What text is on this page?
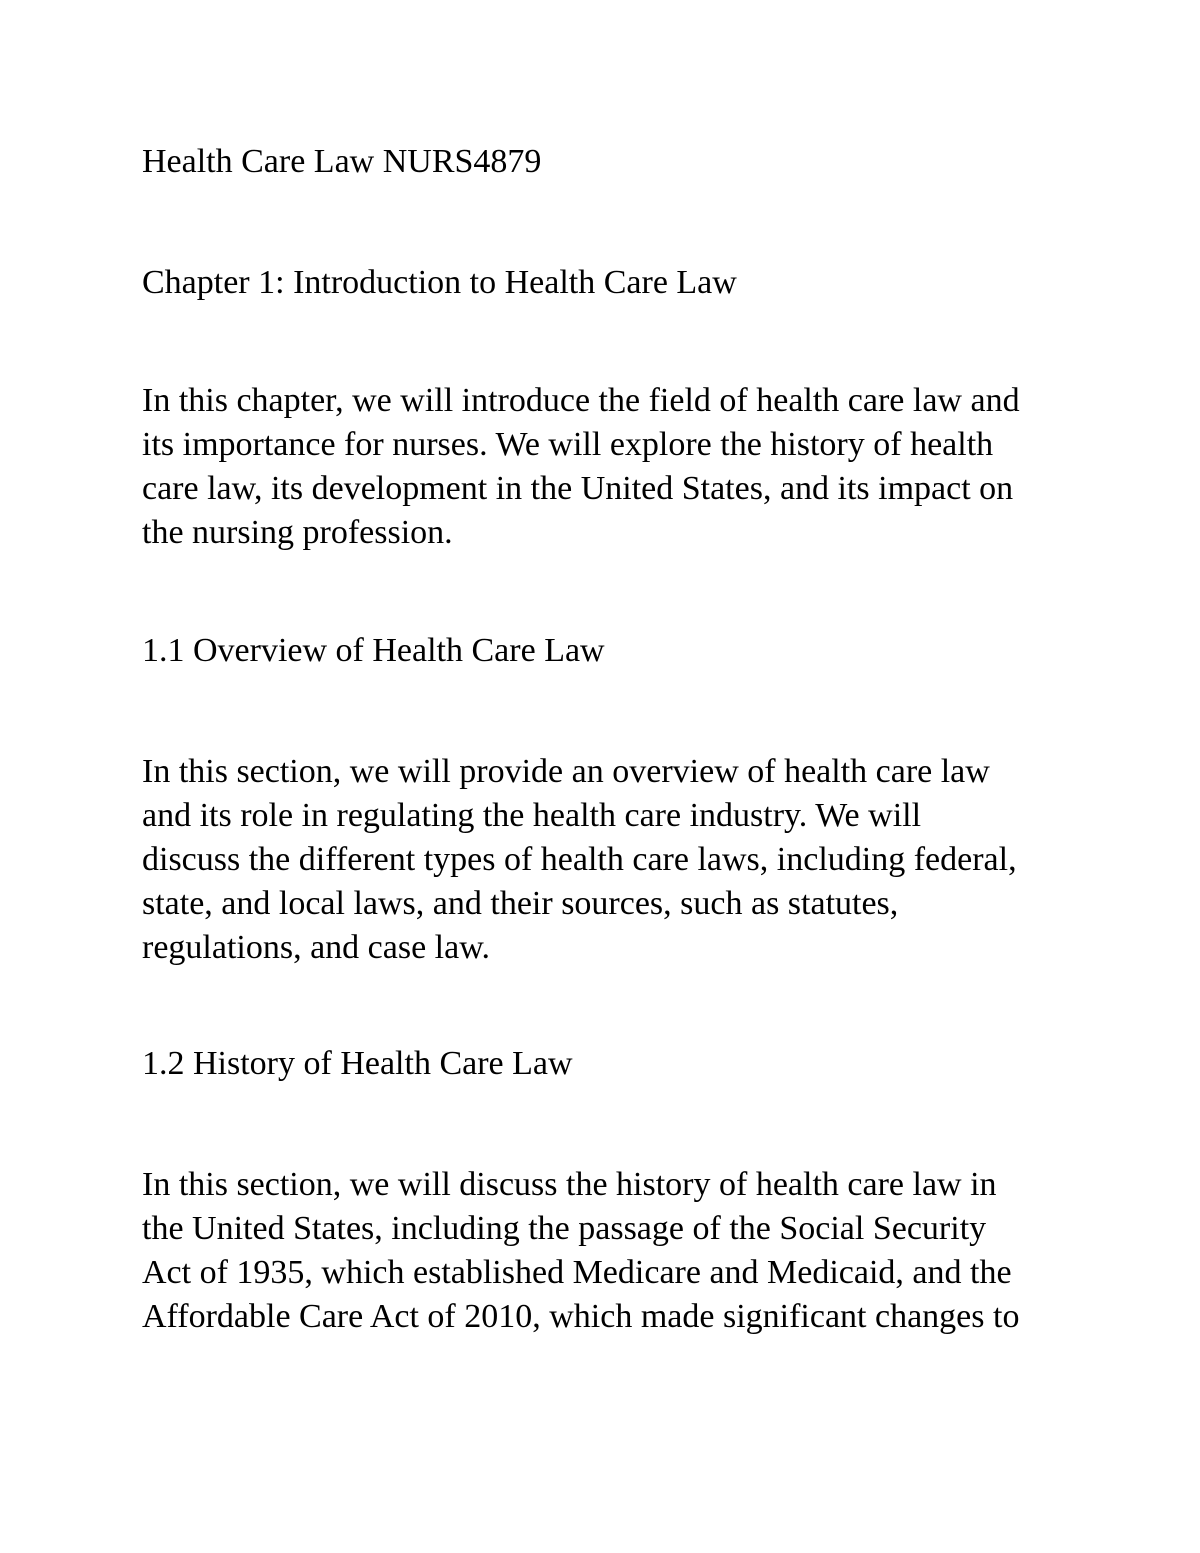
Health Care Law NURS4879
Chapter 1: Introduction to Health Care Law
In this chapter, we will introduce the field of health care law and
its importance for nurses. We will explore the history of health
care law, its development in the United States, and its impact on
the nursing profession.
1.1 Overview of Health Care Law
In this section, we will provide an overview of health care law
and its role in regulating the health care industry. We will
discuss the different types of health care laws, including federal,
state, and local laws, and their sources, such as statutes,
regulations, and case law.
1.2 History of Health Care Law
In this section, we will discuss the history of health care law in
the United States, including the passage of the Social Security
Act of 1935, which established Medicare and Medicaid, and the
Affordable Care Act of 2010, which made significant changes to
